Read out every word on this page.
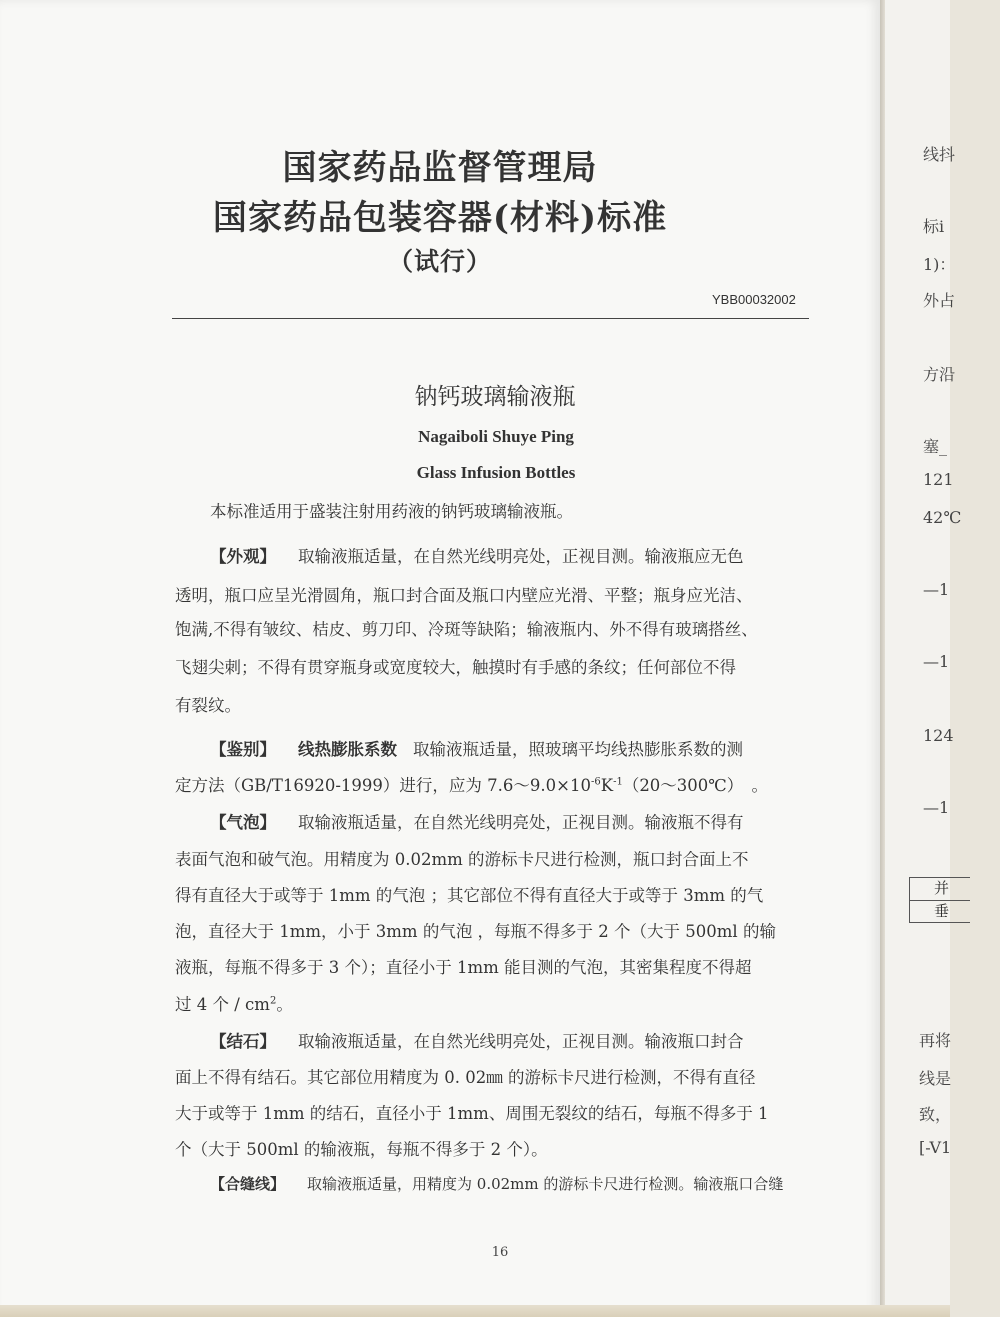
国家药品监督管理局
国家药品包装容器(材料)标准
（试行）
YBB00032002
钠钙玻璃输液瓶
Nagaiboli Shuye Ping
Glass Infusion Bottles
本标准适用于盛装注射用药液的钠钙玻璃输液瓶。
【外观】 取输液瓶适量，在自然光线明亮处，正视目测。输液瓶应无色
透明，瓶口应呈光滑圆角，瓶口封合面及瓶口内壁应光滑、平整；瓶身应光洁、
饱满,不得有皱纹、桔皮、剪刀印、冷斑等缺陷；输液瓶内、外不得有玻璃搭丝、
飞翅尖刺；不得有贯穿瓶身或宽度较大，触摸时有手感的条纹；任何部位不得
有裂纹。
【鉴别】 线热膨胀系数 取输液瓶适量，照玻璃平均线热膨胀系数的测
定方法（GB/T16920-1999）进行，应为 $7.6\sim 9.0\times 10^{-6}K^{-1}(20\sim 300℃)$　。
【气泡】 取输液瓶适量，在自然光线明亮处，正视目测。输液瓶不得有
表面气泡和破气泡。用精度为 0.02mm 的游标卡尺进行检测，瓶口封合面上不
得有直径大于或等于 1mm 的气泡 ；其它部位不得有直径大于或等于 3mm 的气
泡，直径大于 1mm，小于 3mm 的气泡 ，每瓶不得多于 2 个（大于 500ml 的输
液瓶，每瓶不得多于 3 个）；直径小于 1mm 能目测的气泡，其密集程度不得超
过 4 个 / $cm^2$。
【结石】 取输液瓶适量，在自然光线明亮处，正视目测。输液瓶口封合
面上不得有结石。其它部位用精度为 0. 02㎜ 的游标卡尺进行检测，不得有直径
大于或等于 1mm 的结石，直径小于 1mm、周围无裂纹的结石，每瓶不得多于 1
个（大于 500ml 的输液瓶，每瓶不得多于 2 个）。
【合缝线】 取输液瓶适量，用精度为 0.02mm 的游标卡尺进行检测。输液瓶口合缝
16
线抖
标i
1)：
外占
方沿
塞_
121
42℃
—1
—1
124
—1
并
垂
再将
线是
致，
[-V1
